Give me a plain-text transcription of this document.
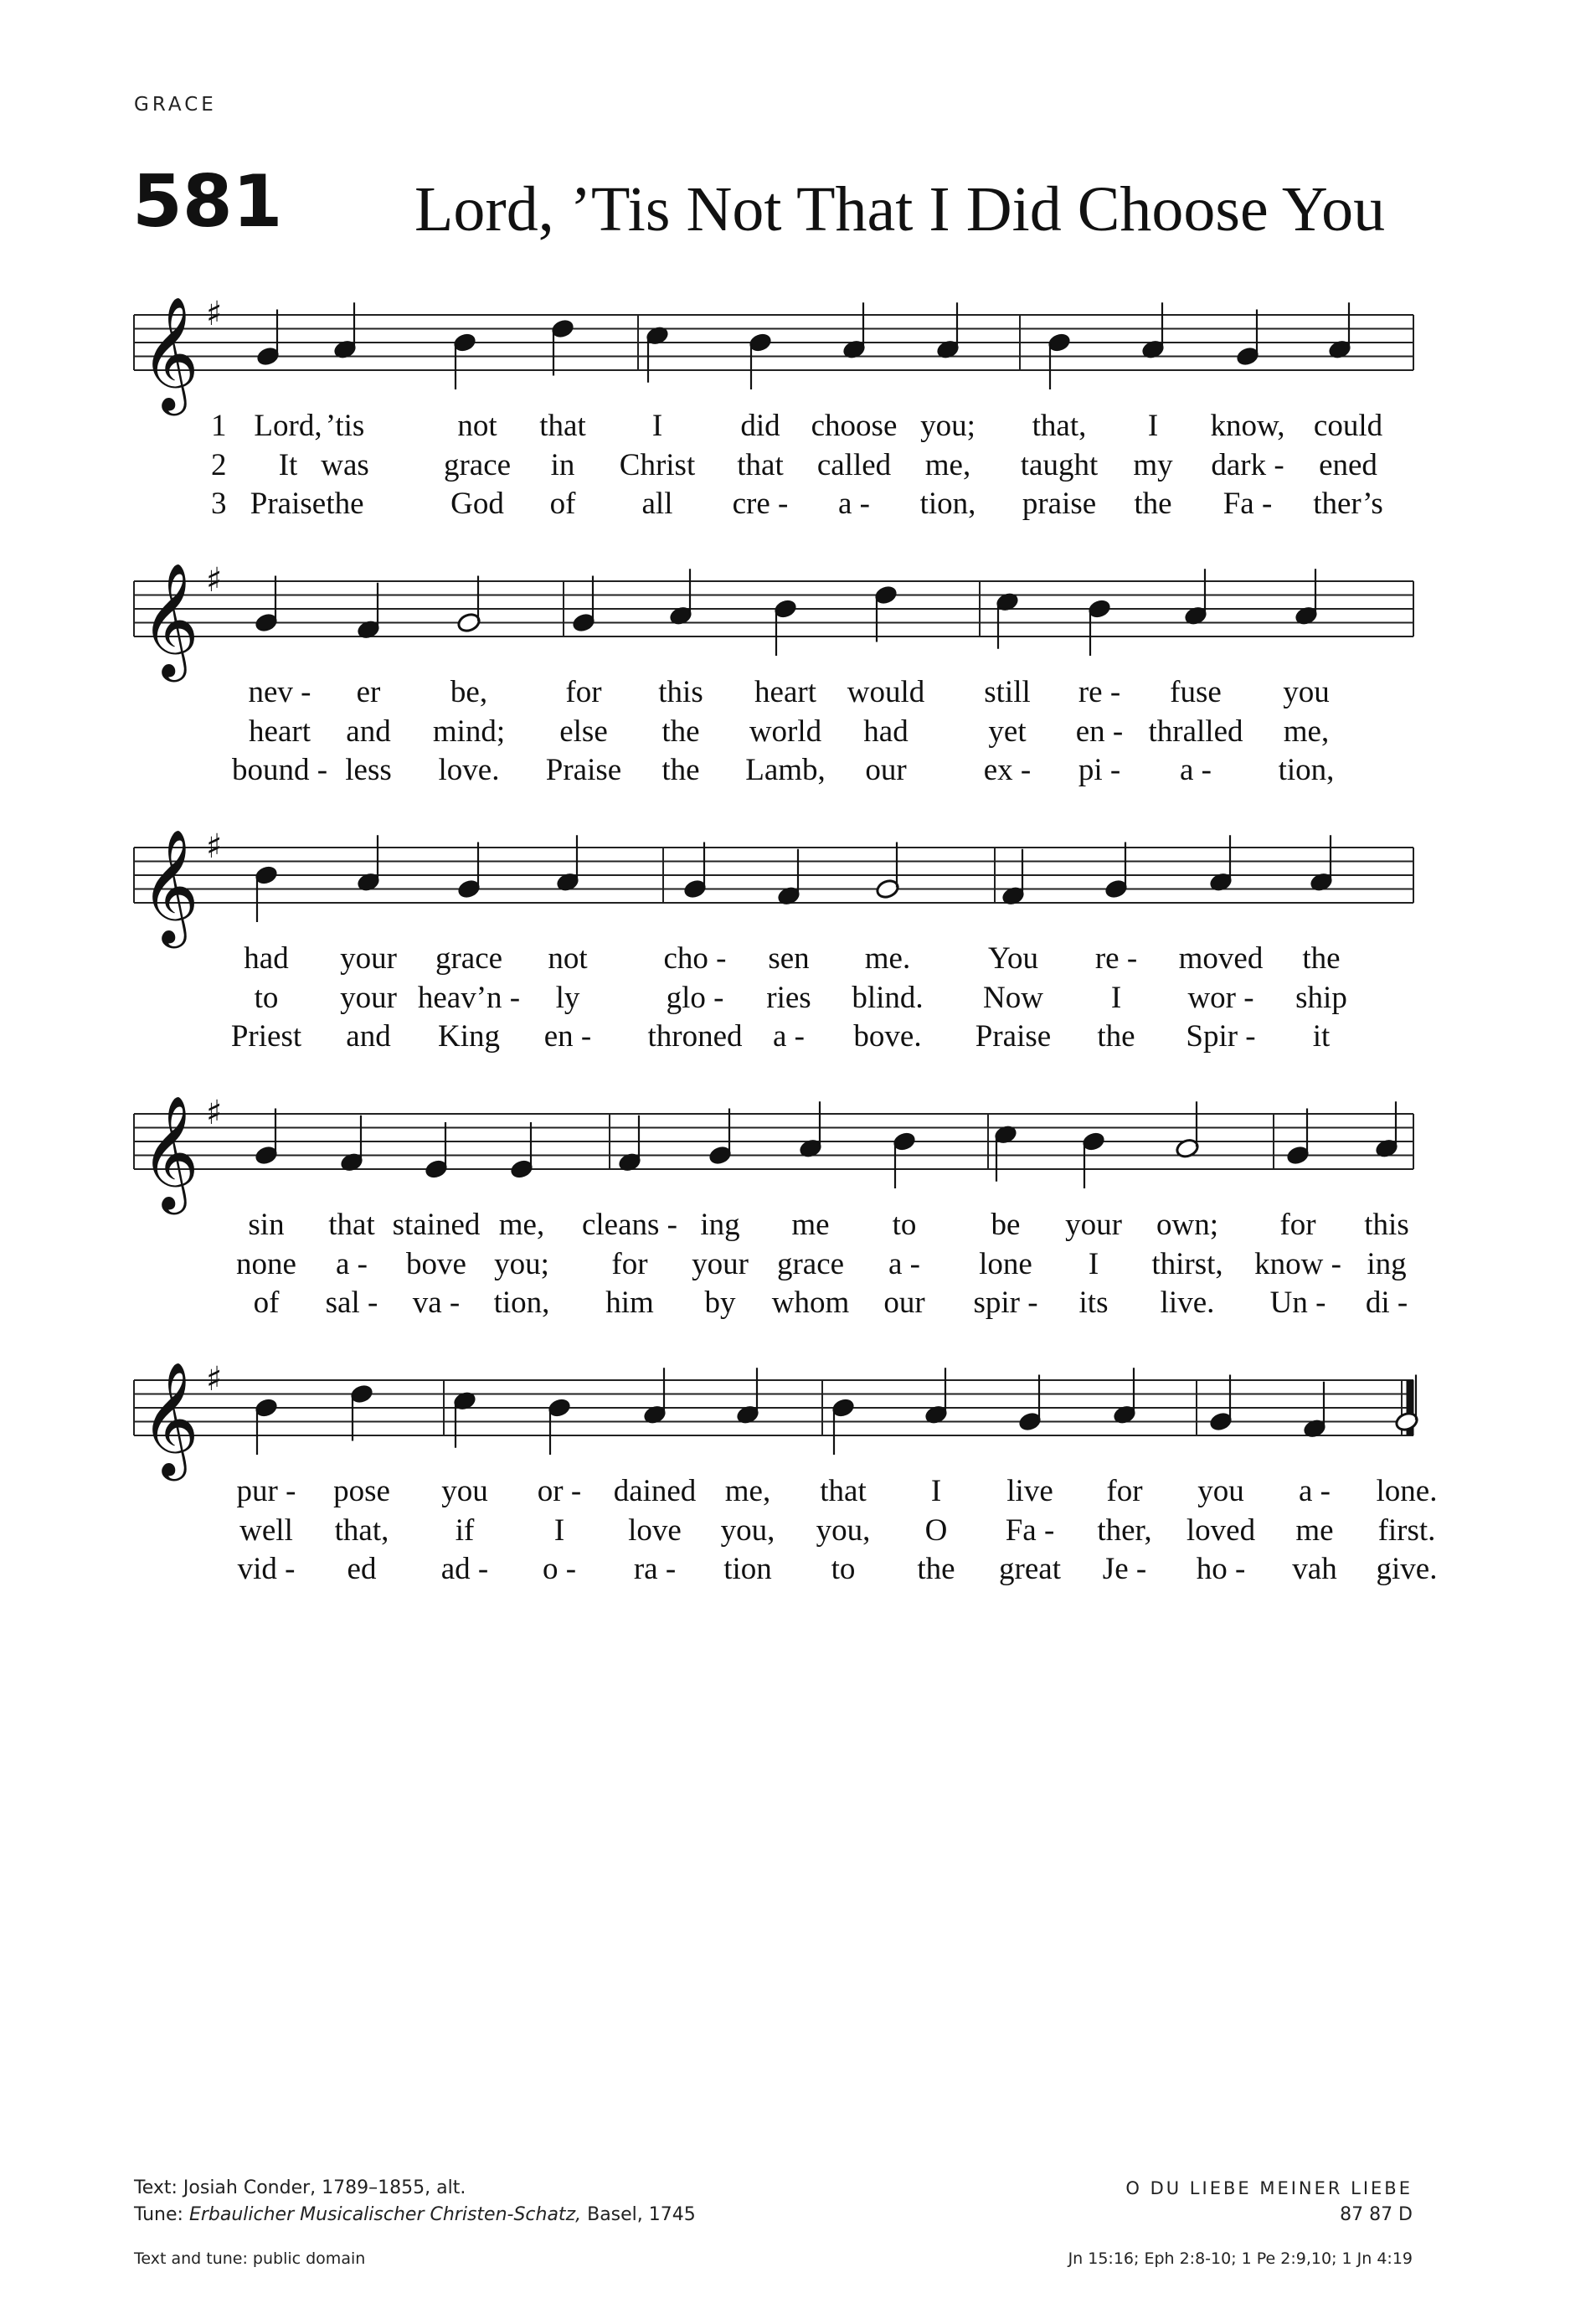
GRACE
581 Lord, ’Tis Not That I Did Choose You
𝄞 ♯
𝄞 ♯
𝄞 ♯
𝄞 ♯
𝄞 ♯
1 Lord, ’tis	not that I	did choose you; that, I know, could
2 It was grace in Christ that called me, taught my dark - ened
3 Praise the	God of all cre - a - tion, praise the Fa - ther’s
nev - er be,	for this heart would still re - fuse you
heart and mind; else the world had	yet en - thralled me,
bound - less love. Praise the Lamb, our ex - pi - a - tion,
had your grace not cho - sen me.	You re - moved the
to your heav’n - ly	glo - ries blind. Now I wor - ship
Priest and King en - throned a - bove. Praise the Spir - it
sin that stained me, cleans - ing me to be your own; for this
none a - bove you; for your grace a - lone I thirst, know - ing
of sal - va - tion, him by whom our spir - its live. Un - di -
pur - pose you or - dained me, that I live for you a - lone.
well that, if	I love you, you, O Fa - ther, loved me first.
vid - ed ad - o - ra - tion to the great Je - ho - vah give.
Text: Josiah Conder, 1789–1855, alt.
Tune: Erbaulicher Musicalischer Christen-Schatz, Basel, 1745
Text and tune: public domain
O DU LIEBE MEINER LIEBE
87 87 D
Jn 15:16; Eph 2:8-10; 1 Pe 2:9,10; 1 Jn 4:19
